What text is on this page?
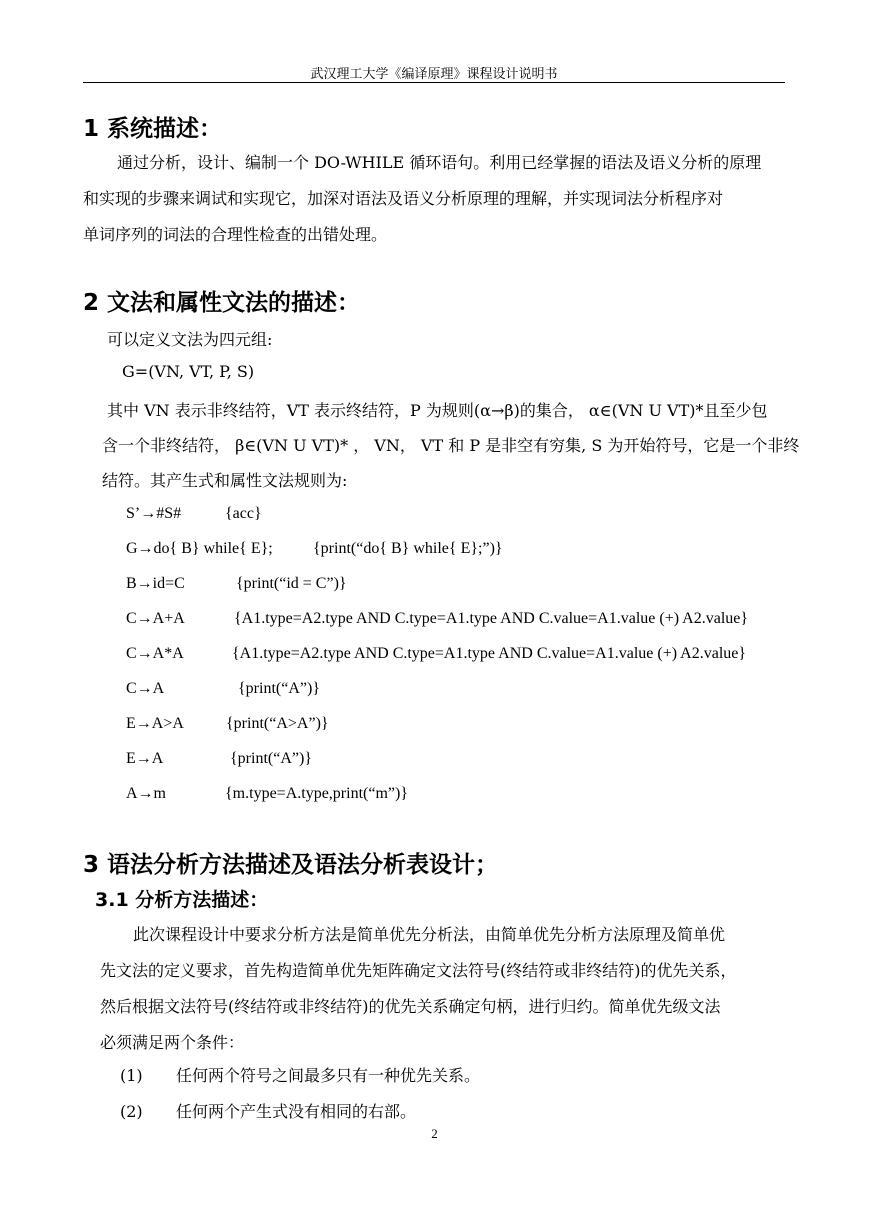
武汉理工大学《编译原理》课程设计说明书
1 系统描述：
通过分析，设计、编制一个 DO-WHILE 循环语句。利用已经掌握的语法及语义分析的原理
和实现的步骤来调试和实现它，加深对语法及语义分析原理的理解，并实现词法分析程序对
单词序列的词法的合理性检查的出错处理。
2 文法和属性文法的描述：
可以定义文法为四元组:
G=(VN, VT, P, S)
其中 VN 表示非终结符，VT 表示终结符，P 为规则(α→β)的集合， α∈(VN U VT)*且至少包
含一个非终结符， β∈(VN U VT)* ， VN， VT 和 P 是非空有穷集, S 为开始符号，它是一个非终
结符。其产生式和属性文法规则为:
S’→#S#	{acc}
G→do{ B} while{ E};	{print(“do{ B} while{ E};”)}
B→id=C	{print(“id = C”)}
C→A+A	{A1.type=A2.type AND C.type=A1.type AND C.value=A1.value (+) A2.value}
C→A*A	{A1.type=A2.type AND C.type=A1.type AND C.value=A1.value (+) A2.value}
C→A	{print(“A”)}
E→A>A	{print(“A>A”)}
E→A	{print(“A”)}
A→m	{m.type=A.type,print(“m”)}
3 语法分析方法描述及语法分析表设计；
3.1 分析方法描述：
此次课程设计中要求分析方法是简单优先分析法，由简单优先分析方法原理及简单优
先文法的定义要求，首先构造简单优先矩阵确定文法符号(终结符或非终结符)的优先关系，
然后根据文法符号(终结符或非终结符)的优先关系确定句柄，进行归约。简单优先级文法
必须满足两个条件：
(1) 任何两个符号之间最多只有一种优先关系。
(2) 任何两个产生式没有相同的右部。
2
